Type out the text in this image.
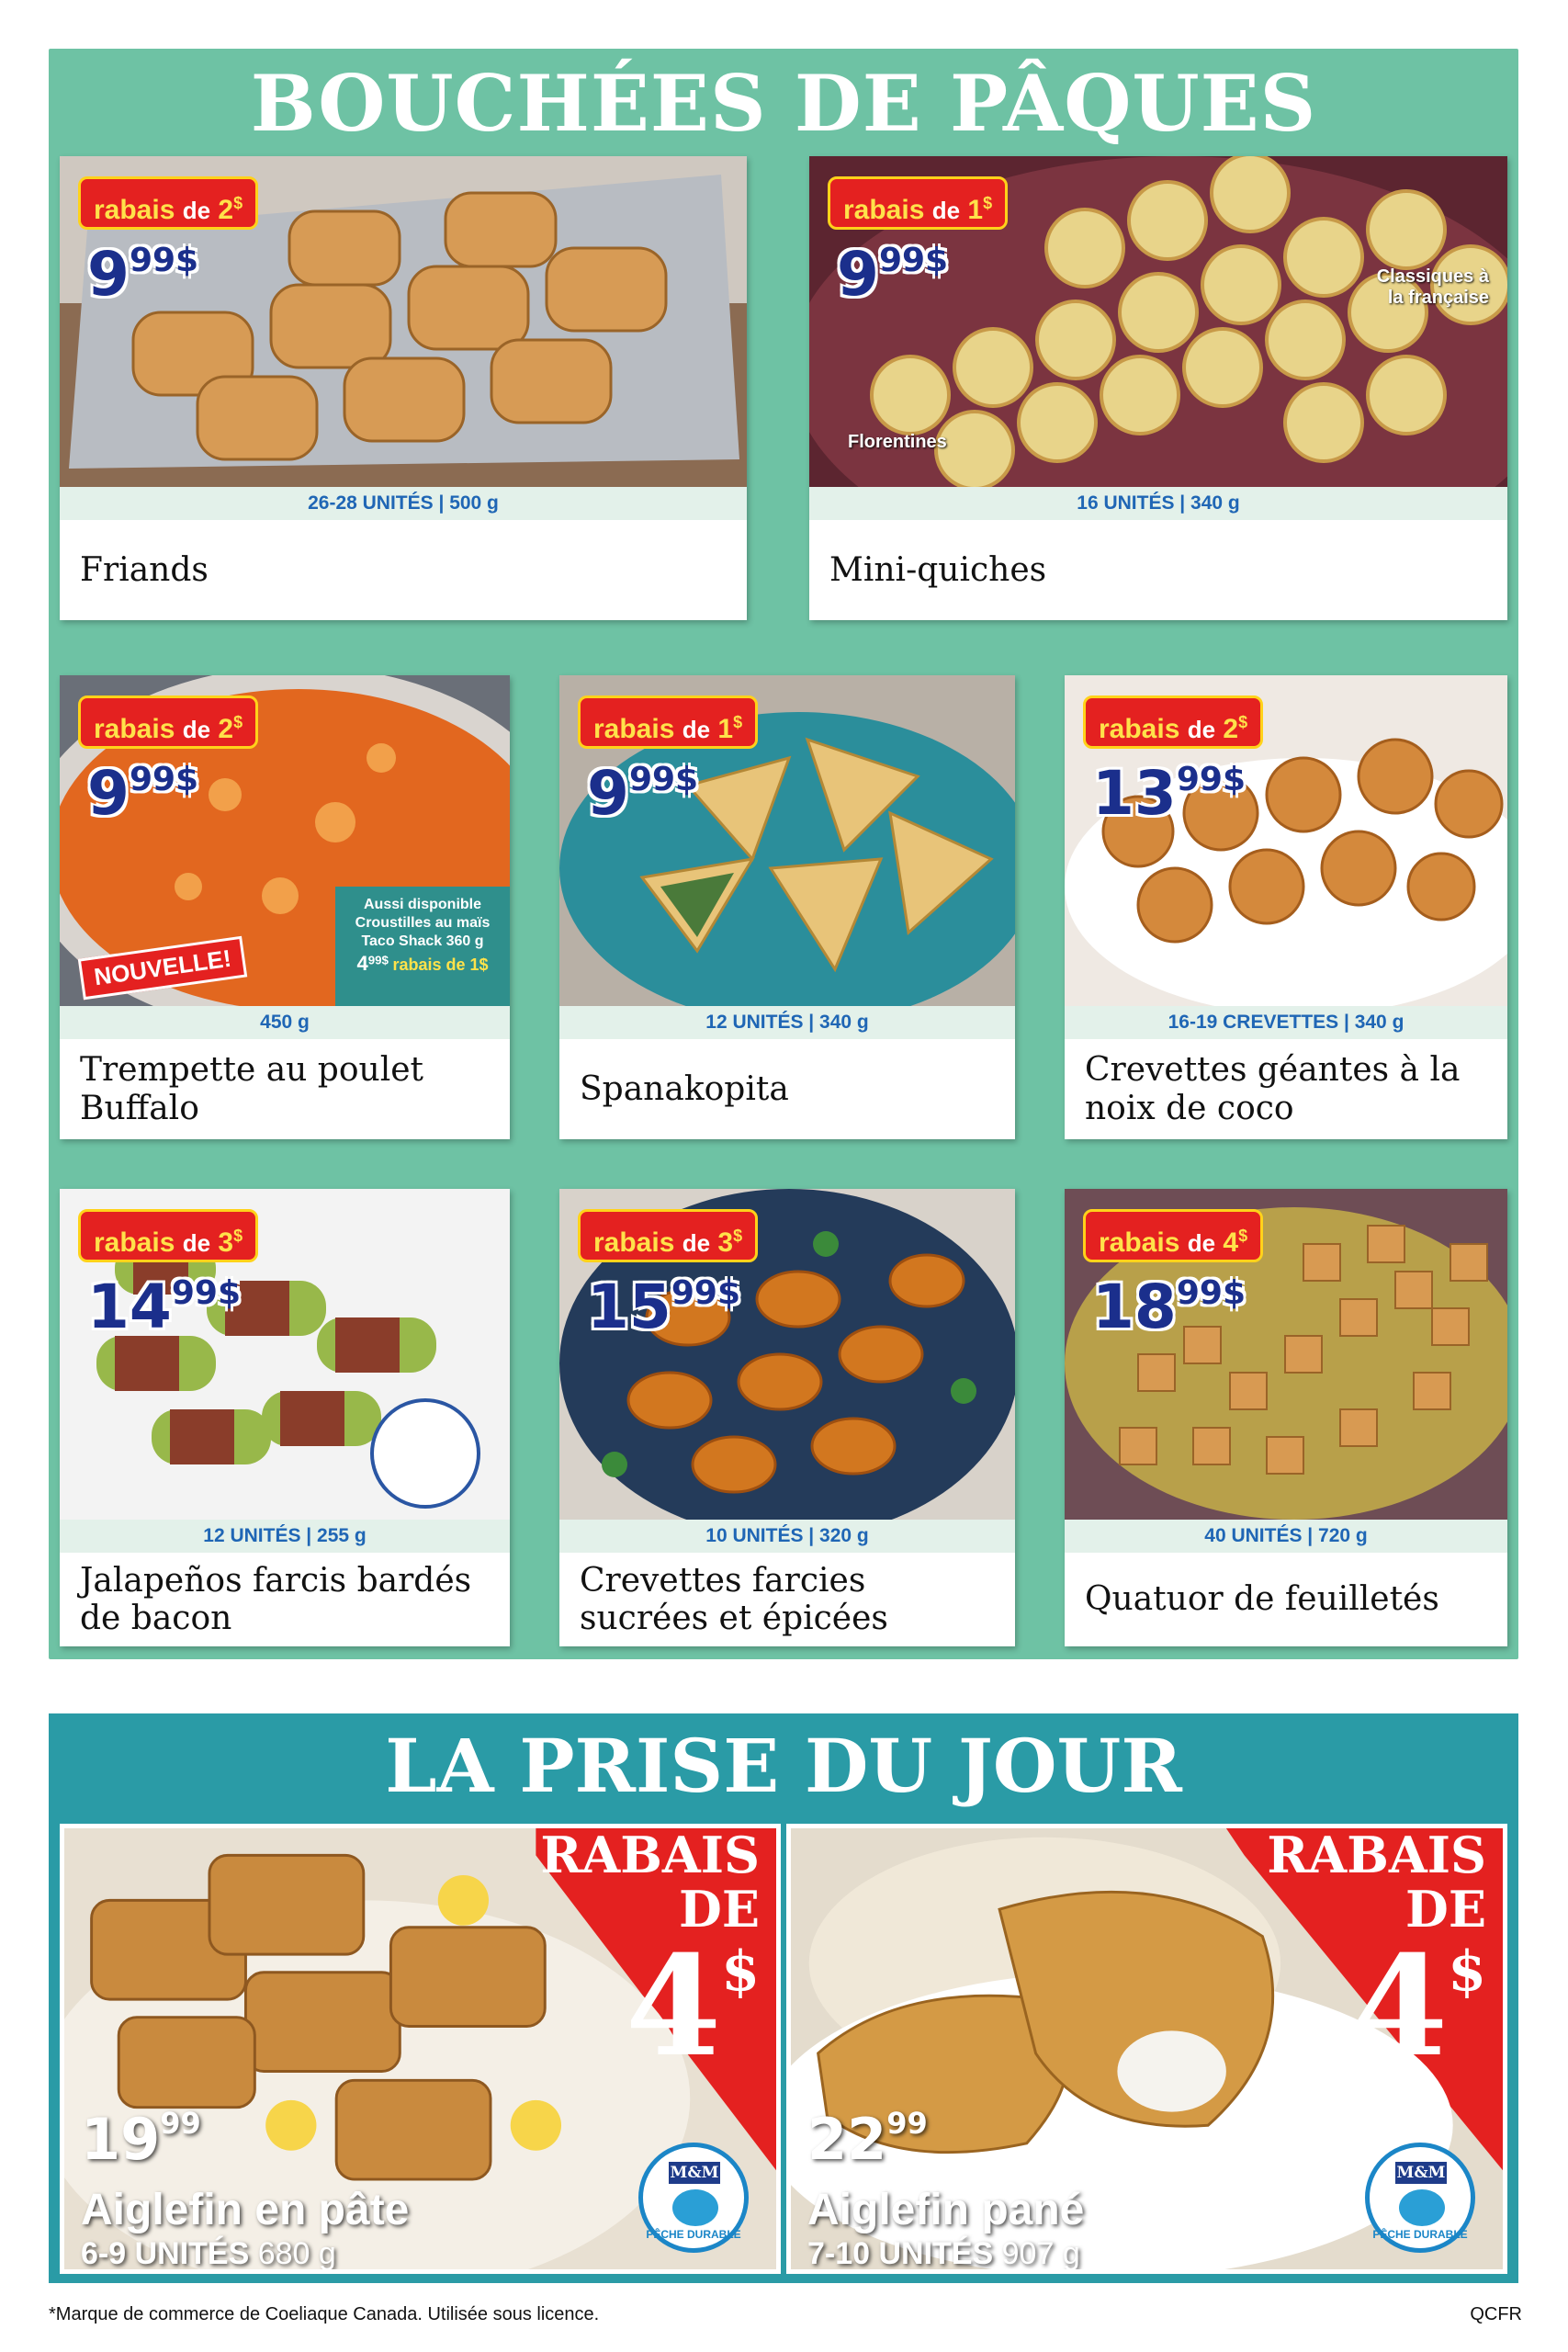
BOUCHÉES DE PÂQUES
rabais de 2$
$9^{99\$}$
26-28 UNITÉS | 500 g
Friands
rabais de 1$
$9^{99\$}$	Classiques à la française
Florentines
16 UNITÉS | 340 g
Mini-quiches
rabais de 2$
$9^{99\$}$
NOUVELLE!
Aussi disponible
Croustilles au maïs
Taco Shack 360 g
$4^{99\$}$ rabais de 1$
450 g
Trempette au poulet Buffalo
rabais de 1$
$9^{99\$}$
12 UNITÉS | 340 g
Spanakopita
rabais de 2$
$13^{99\$}$
16-19 CREVETTES | 340 g
Crevettes géantes à la noix de coco
rabais de 3$
$14^{99\$}$
12 UNITÉS | 255 g
Jalapeños farcis bardés de bacon
rabais de 3$
$15^{99\$}$
10 UNITÉS | 320 g
Crevettes farcies sucrées et épicées
rabais de 4$
$18^{99\$}$
40 UNITÉS | 720 g
Quatuor de feuilletés
LA PRISE DU JOUR
RABAIS
DE
4$
$19^{99}$
Aiglefin en pâte
6-9 UNITÉS 680 g
M&M
PÊCHE DURABLE
RABAIS
DE
4$
$22^{99}$
Aiglefin pané
7-10 UNITÉS 907 g
M&M
PÊCHE DURABLE
*Marque de commerce de Coeliaque Canada. Utilisée sous licence.	QCFR
